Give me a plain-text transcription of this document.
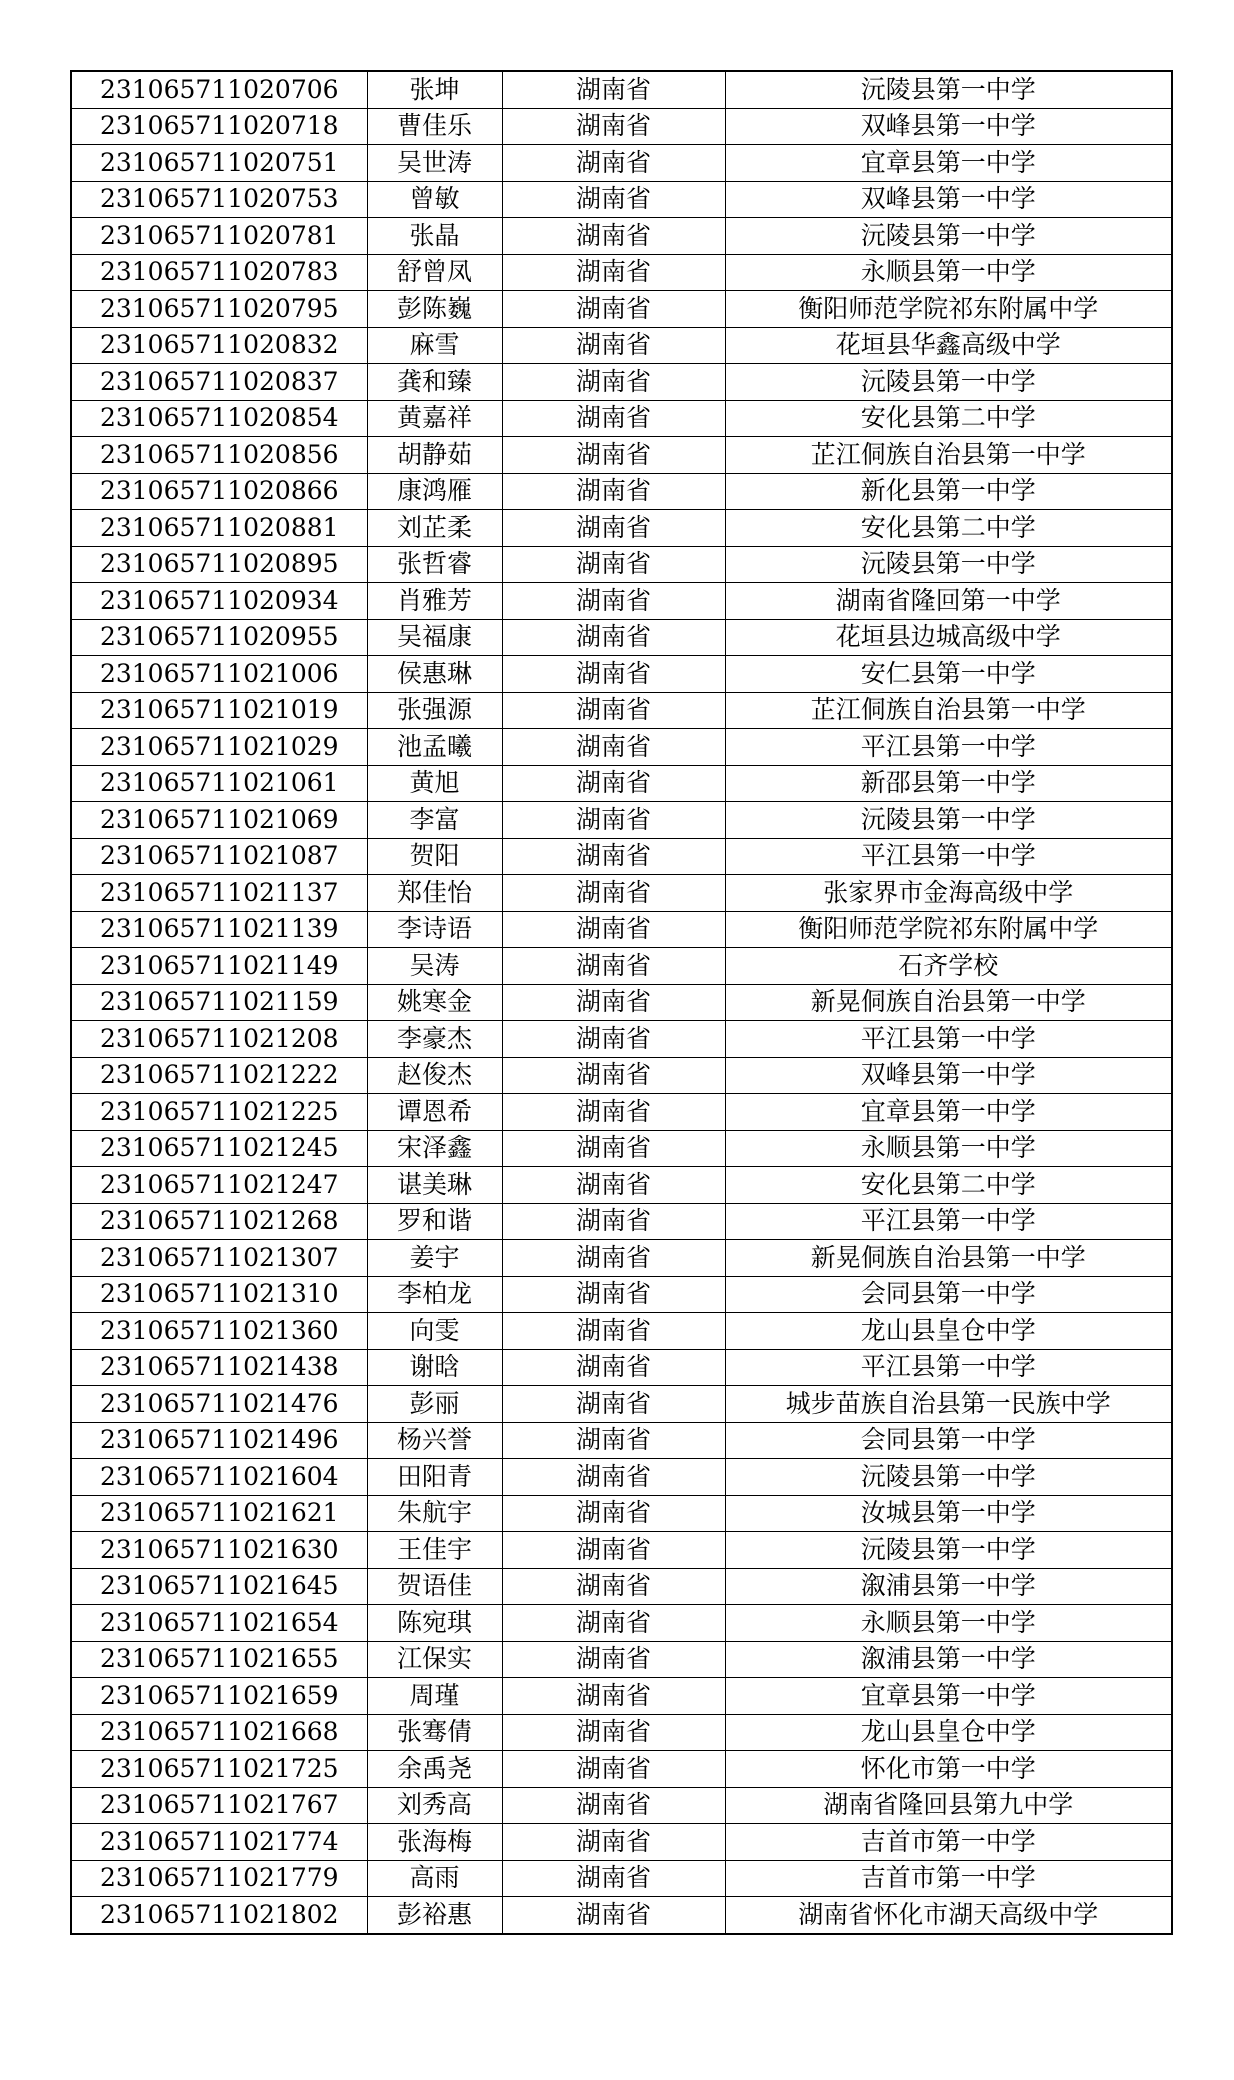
231065711020706	张坤	湖南省	沅陵县第一中学
231065711020718	曹佳乐	湖南省	双峰县第一中学
231065711020751	吴世涛	湖南省	宜章县第一中学
231065711020753	曾敏	湖南省	双峰县第一中学
231065711020781	张晶	湖南省	沅陵县第一中学
231065711020783	舒曾凤	湖南省	永顺县第一中学
231065711020795	彭陈巍	湖南省	衡阳师范学院祁东附属中学
231065711020832	麻雪	湖南省	花垣县华鑫高级中学
231065711020837	龚和臻	湖南省	沅陵县第一中学
231065711020854	黄嘉祥	湖南省	安化县第二中学
231065711020856	胡静茹	湖南省	芷江侗族自治县第一中学
231065711020866	康鸿雁	湖南省	新化县第一中学
231065711020881	刘芷柔	湖南省	安化县第二中学
231065711020895	张哲睿	湖南省	沅陵县第一中学
231065711020934	肖雅芳	湖南省	湖南省隆回第一中学
231065711020955	吴福康	湖南省	花垣县边城高级中学
231065711021006	侯惠琳	湖南省	安仁县第一中学
231065711021019	张强源	湖南省	芷江侗族自治县第一中学
231065711021029	池孟曦	湖南省	平江县第一中学
231065711021061	黄旭	湖南省	新邵县第一中学
231065711021069	李富	湖南省	沅陵县第一中学
231065711021087	贺阳	湖南省	平江县第一中学
231065711021137	郑佳怡	湖南省	张家界市金海高级中学
231065711021139	李诗语	湖南省	衡阳师范学院祁东附属中学
231065711021149	吴涛	湖南省	石齐学校
231065711021159	姚寒金	湖南省	新晃侗族自治县第一中学
231065711021208	李豪杰	湖南省	平江县第一中学
231065711021222	赵俊杰	湖南省	双峰县第一中学
231065711021225	谭恩希	湖南省	宜章县第一中学
231065711021245	宋泽鑫	湖南省	永顺县第一中学
231065711021247	谌美琳	湖南省	安化县第二中学
231065711021268	罗和谐	湖南省	平江县第一中学
231065711021307	姜宇	湖南省	新晃侗族自治县第一中学
231065711021310	李柏龙	湖南省	会同县第一中学
231065711021360	向雯	湖南省	龙山县皇仓中学
231065711021438	谢晗	湖南省	平江县第一中学
231065711021476	彭丽	湖南省	城步苗族自治县第一民族中学
231065711021496	杨兴誉	湖南省	会同县第一中学
231065711021604	田阳青	湖南省	沅陵县第一中学
231065711021621	朱航宇	湖南省	汝城县第一中学
231065711021630	王佳宇	湖南省	沅陵县第一中学
231065711021645	贺语佳	湖南省	溆浦县第一中学
231065711021654	陈宛琪	湖南省	永顺县第一中学
231065711021655	江保实	湖南省	溆浦县第一中学
231065711021659	周瑾	湖南省	宜章县第一中学
231065711021668	张骞倩	湖南省	龙山县皇仓中学
231065711021725	余禹尧	湖南省	怀化市第一中学
231065711021767	刘秀高	湖南省	湖南省隆回县第九中学
231065711021774	张海梅	湖南省	吉首市第一中学
231065711021779	高雨	湖南省	吉首市第一中学
231065711021802	彭裕惠	湖南省	湖南省怀化市湖天高级中学
